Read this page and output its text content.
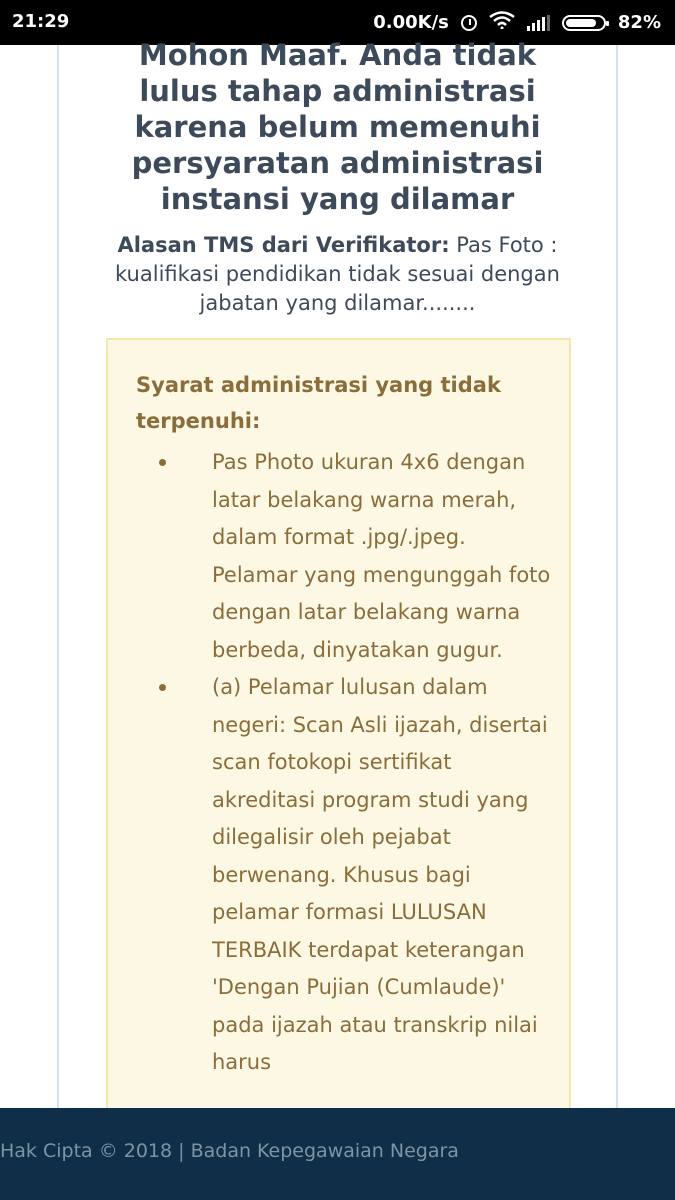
21:29	0.00K/s	82%
Mohon Maaf. Anda tidak lulus tahap administrasi karena belum memenuhi persyaratan administrasi instansi yang dilamar
Alasan TMS dari Verifikator: Pas Foto : kualifikasi pendidikan tidak sesuai dengan jabatan yang dilamar........
Syarat administrasi yang tidak terpenuhi:
Pas Photo ukuran 4x6 dengan latar belakang warna merah, dalam format .jpg/.jpeg. Pelamar yang mengunggah foto dengan latar belakang warna berbeda, dinyatakan gugur.
(a) Pelamar lulusan dalam negeri: Scan Asli ijazah, disertai scan fotokopi sertifikat akreditasi program studi yang dilegalisir oleh pejabat berwenang. Khusus bagi pelamar formasi LULUSAN TERBAIK terdapat keterangan 'Dengan Pujian (Cumlaude)' pada ijazah atau transkrip nilai harus
Hak Cipta © 2018 | Badan Kepegawaian Negara
